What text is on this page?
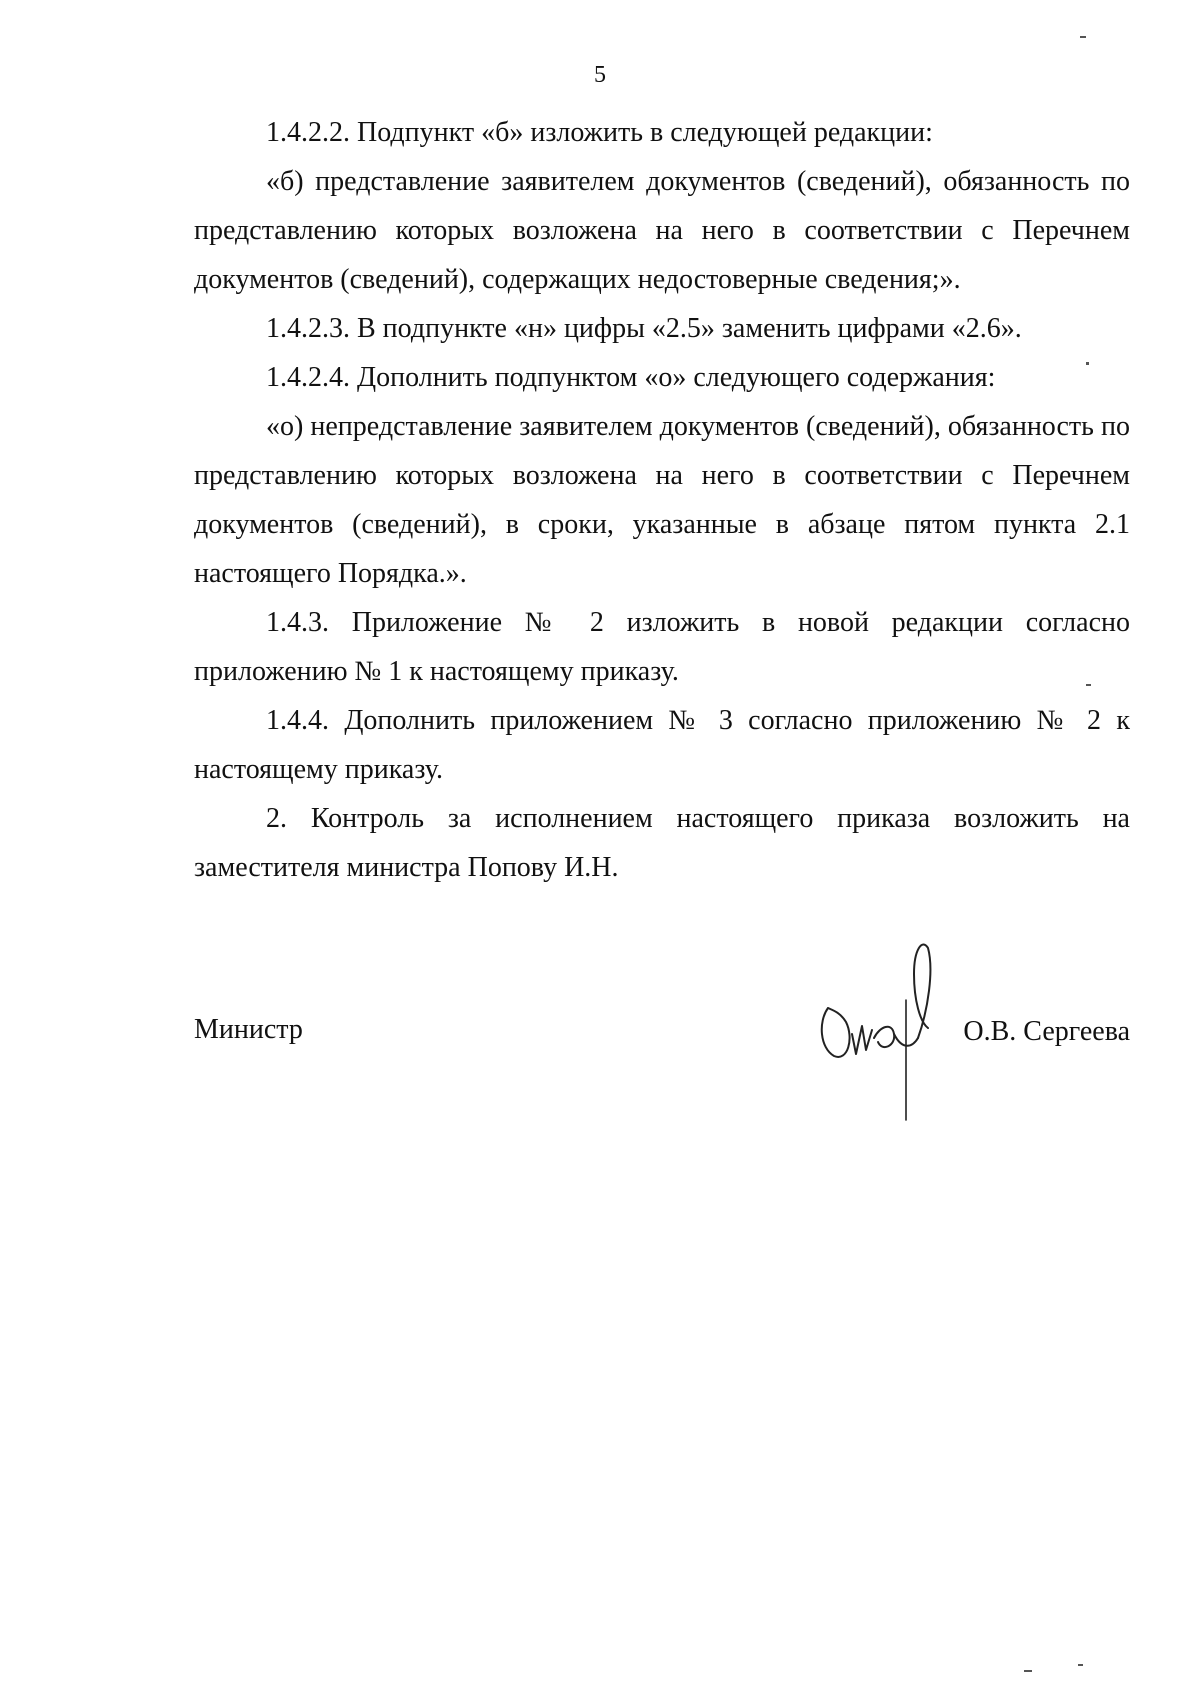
5

1.4.2.2. Подпункт «б» изложить в следующей редакции:

«б) представление заявителем документов (сведений), обязанность по представлению которых возложена на него в соответствии с Перечнем документов (сведений), содержащих недостоверные сведения;».

1.4.2.3. В подпункте «н» цифры «2.5» заменить цифрами «2.6».

1.4.2.4. Дополнить подпунктом «о» следующего содержания:

«о) непредставление заявителем документов (сведений), обязанность по представлению которых возложена на него в соответствии с Перечнем документов (сведений), в сроки, указанные в абзаце пятом пункта 2.1 настоящего Порядка.».

1.4.3. Приложение № 2 изложить в новой редакции согласно приложению № 1 к настоящему приказу.

1.4.4. Дополнить приложением № 3 согласно приложению № 2 к настоящему приказу.

2. Контроль за исполнением настоящего приказа возложить на заместителя министра Попову И.Н.

Министр	О.В. Сергеева
